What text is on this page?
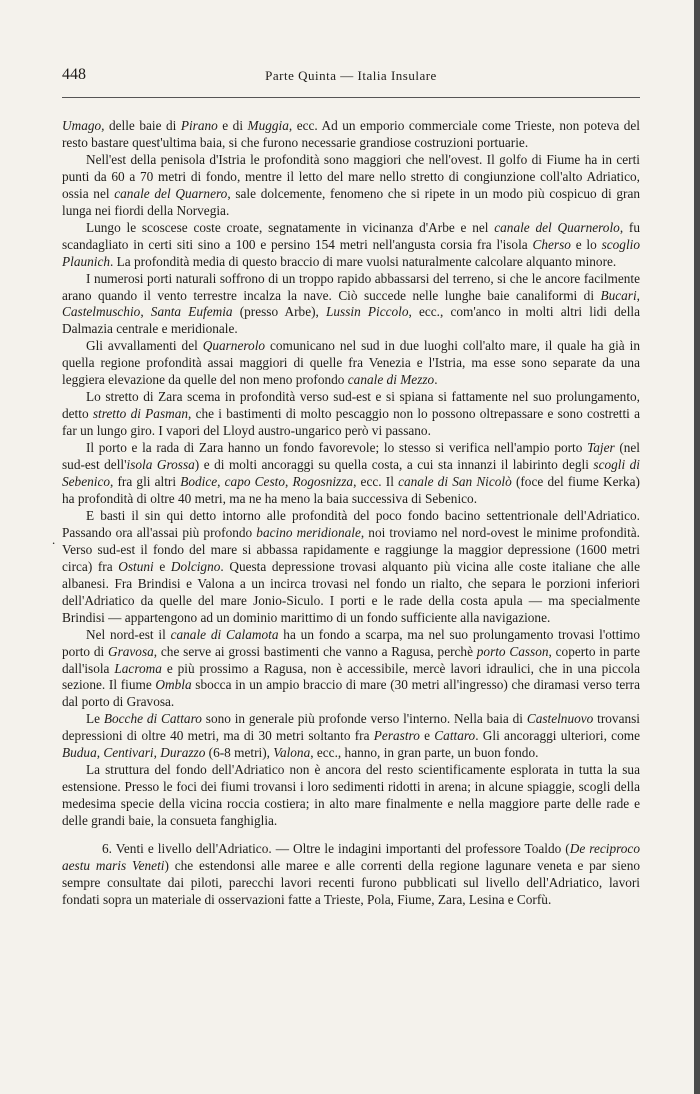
448	Parte Quinta — Italia Insulare

Umago, delle baie di Pirano e di Muggia, ecc. Ad un emporio commerciale come Trieste, non poteva del resto bastare quest'ultima baia, si che furono necessarie grandiose costruzioni portuarie.

Nell'est della penisola d'Istria le profondità sono maggiori che nell'ovest. Il golfo di Fiume ha in certi punti da 60 a 70 metri di fondo, mentre il letto del mare nello stretto di congiunzione coll'alto Adriatico, ossia nel canale del Quarnero, sale dolcemente, fenomeno che si ripete in un modo più cospicuo di gran lunga nei fiordi della Norvegia.

Lungo le scoscese coste croate, segnatamente in vicinanza d'Arbe e nel canale del Quarnerolo, fu scandagliato in certi siti sino a 100 e persino 154 metri nell'angusta corsia fra l'isola Cherso e lo scoglio Plaunich. La profondità media di questo braccio di mare vuolsi naturalmente calcolare alquanto minore.

I numerosi porti naturali soffrono di un troppo rapido abbassarsi del terreno, si che le ancore facilmente arano quando il vento terrestre incalza la nave. Ciò succede nelle lunghe baie canaliformi di Bucari, Castelmuschio, Santa Eufemia (presso Arbe), Lussin Piccolo, ecc., com'anco in molti altri lidi della Dalmazia centrale e meridionale.

Gli avvallamenti del Quarnerolo comunicano nel sud in due luoghi coll'alto mare, il quale ha già in quella regione profondità assai maggiori di quelle fra Venezia e l'Istria, ma esse sono separate da una leggiera elevazione da quelle del non meno profondo canale di Mezzo.

Lo stretto di Zara scema in profondità verso sud-est e si spiana si fattamente nel suo prolungamento, detto stretto di Pasman, che i bastimenti di molto pescaggio non lo possono oltrepassare e sono costretti a far un lungo giro. I vapori del Lloyd austro-ungarico però vi passano.

Il porto e la rada di Zara hanno un fondo favorevole; lo stesso si verifica nell'ampio porto Tajer (nel sud-est dell'isola Grossa) e di molti ancoraggi su quella costa, a cui sta innanzi il labirinto degli scogli di Sebenico, fra gli altri Bodice, capo Cesto, Rogosnizza, ecc. Il canale di San Nicolò (foce del fiume Kerka) ha profondità di oltre 40 metri, ma ne ha meno la baia successiva di Sebenico.

E basti il sin qui detto intorno alle profondità del poco fondo bacino settentrionale dell'Adriatico. Passando ora all'assai più profondo bacino meridionale, noi troviamo nel nord-ovest le minime profondità. Verso sud-est il fondo del mare si abbassa rapidamente e raggiunge la maggior depressione (1600 metri circa) fra Ostuni e Dolcigno. Questa depressione trovasi alquanto più vicina alle coste italiane che alle albanesi. Fra Brindisi e Valona a un incirca trovasi nel fondo un rialto, che separa le porzioni inferiori dell'Adriatico da quelle del mare Jonio-Siculo. I porti e le rade della costa apula — ma specialmente Brindisi — appartengono ad un dominio marittimo di un fondo sufficiente alla navigazione.

Nel nord-est il canale di Calamota ha un fondo a scarpa, ma nel suo prolungamento trovasi l'ottimo porto di Gravosa, che serve ai grossi bastimenti che vanno a Ragusa, perchè porto Casson, coperto in parte dall'isola Lacroma e più prossimo a Ragusa, non è accessibile, mercè lavori idraulici, che in una piccola sezione. Il fiume Ombla sbocca in un ampio braccio di mare (30 metri all'ingresso) che diramasi verso terra dal porto di Gravosa.

Le Bocche di Cattaro sono in generale più profonde verso l'interno. Nella baia di Castelnuovo trovansi depressioni di oltre 40 metri, ma di 30 metri soltanto fra Perastro e Cattaro. Gli ancoraggi ulteriori, come Budua, Centivari, Durazzo (6-8 metri), Valona, ecc., hanno, in gran parte, un buon fondo.

La struttura del fondo dell'Adriatico non è ancora del resto scientificamente esplorata in tutta la sua estensione. Presso le foci dei fiumi trovansi i loro sedimenti ridotti in arena; in alcune spiaggie, scogli della medesima specie della vicina roccia costiera; in alto mare finalmente e nella maggiore parte delle rade e delle grandi baie, la consueta fanghiglia.

6. Venti e livello dell'Adriatico. — Oltre le indagini importanti del professore Toaldo (De reciproco aestu maris Veneti) che estendonsi alle maree e alle correnti della regione lagunare veneta e par sieno sempre consultate dai piloti, parecchi lavori recenti furono pubblicati sul livello dell'Adriatico, lavori fondati sopra un materiale di osservazioni fatte a Trieste, Pola, Fiume, Zara, Lesina e Corfù.

.
